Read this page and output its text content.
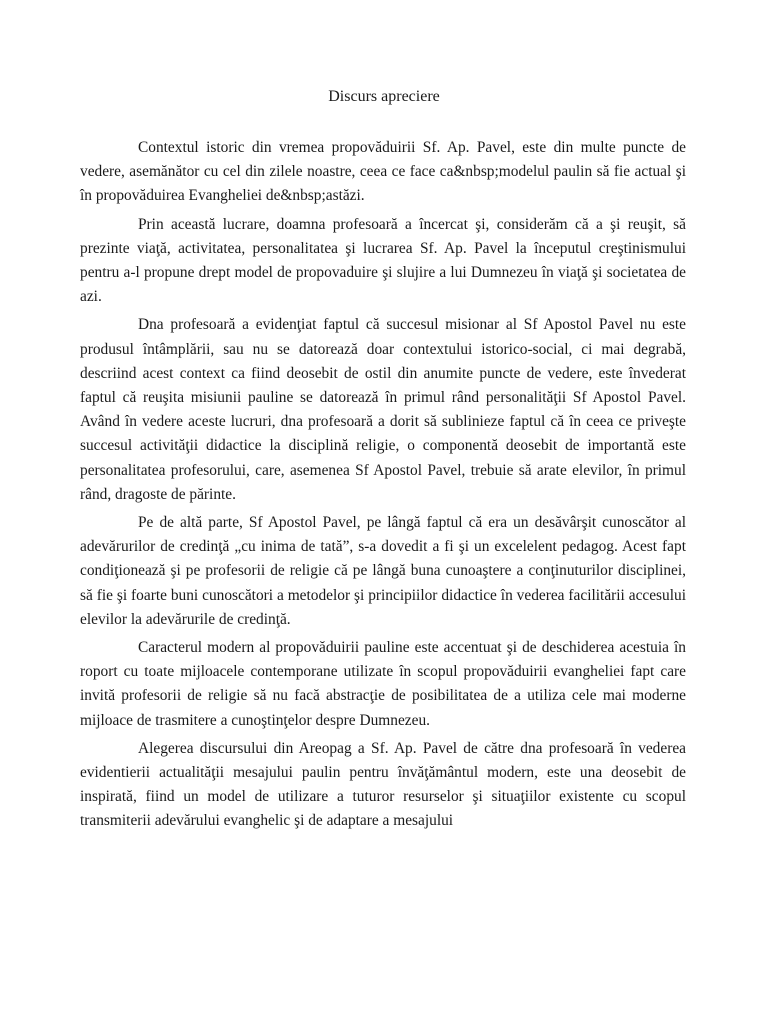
Discurs apreciere

Contextul istoric din vremea propovăduirii Sf. Ap. Pavel, este din multe puncte de vedere, asemănător cu cel din zilele noastre, ceea ce face ca&nbsp;modelul paulin să fie actual şi în propovăduirea Evangheliei de&nbsp;astăzi.

Prin această lucrare, doamna profesoară a încercat şi, considerăm că a şi reuşit, să prezinte viaţă, activitatea, personalitatea şi lucrarea Sf. Ap. Pavel la începutul creştinismului pentru a-l propune drept model de propovaduire şi slujire a lui Dumnezeu în viaţă şi societatea de azi.

Dna profesoară a evidenţiat faptul că succesul misionar al Sf Apostol Pavel nu este produsul întâmplării, sau nu se datorează doar contextului istorico-social, ci mai degrabă, descriind acest context ca fiind deosebit de ostil din anumite puncte de vedere, este învederat faptul că reuşita misiunii pauline se datorează în primul rând personalităţii Sf Apostol Pavel. Având în vedere aceste lucruri, dna profesoară a dorit să sublinieze faptul că în ceea ce priveşte succesul activităţii didactice la disciplină religie, o componentă deosebit de importantă este personalitatea profesorului, care, asemenea Sf Apostol Pavel, trebuie să arate elevilor, în primul rând, dragoste de părinte.

Pe de altă parte, Sf Apostol Pavel, pe lângă faptul că era un desăvârşit cunoscător al adevărurilor de credinţă „cu inima de tată”, s-a dovedit a fi şi un excelelent pedagog. Acest fapt condiţionează şi pe profesorii de religie că pe lângă buna cunoaştere a conţinuturilor disciplinei, să fie şi foarte buni cunoscători a metodelor şi principiilor didactice în vederea facilitării accesului elevilor la adevărurile de credinţă.

Caracterul modern al propovăduirii pauline este accentuat şi de deschiderea acestuia în roport cu toate mijloacele contemporane utilizate în scopul propovăduirii evangheliei fapt care invită profesorii de religie să nu facă abstracţie de posibilitatea de a utiliza cele mai moderne mijloace de trasmitere a cunoştinţelor despre Dumnezeu.

Alegerea discursului din Areopag a Sf. Ap. Pavel de către dna profesoară în vederea evidentierii actualităţii mesajului paulin pentru învăţământul modern, este una deosebit de inspirată, fiind un model de utilizare a tuturor resurselor şi situaţiilor existente cu scopul transmiterii adevărului evanghelic şi de adaptare a mesajului
